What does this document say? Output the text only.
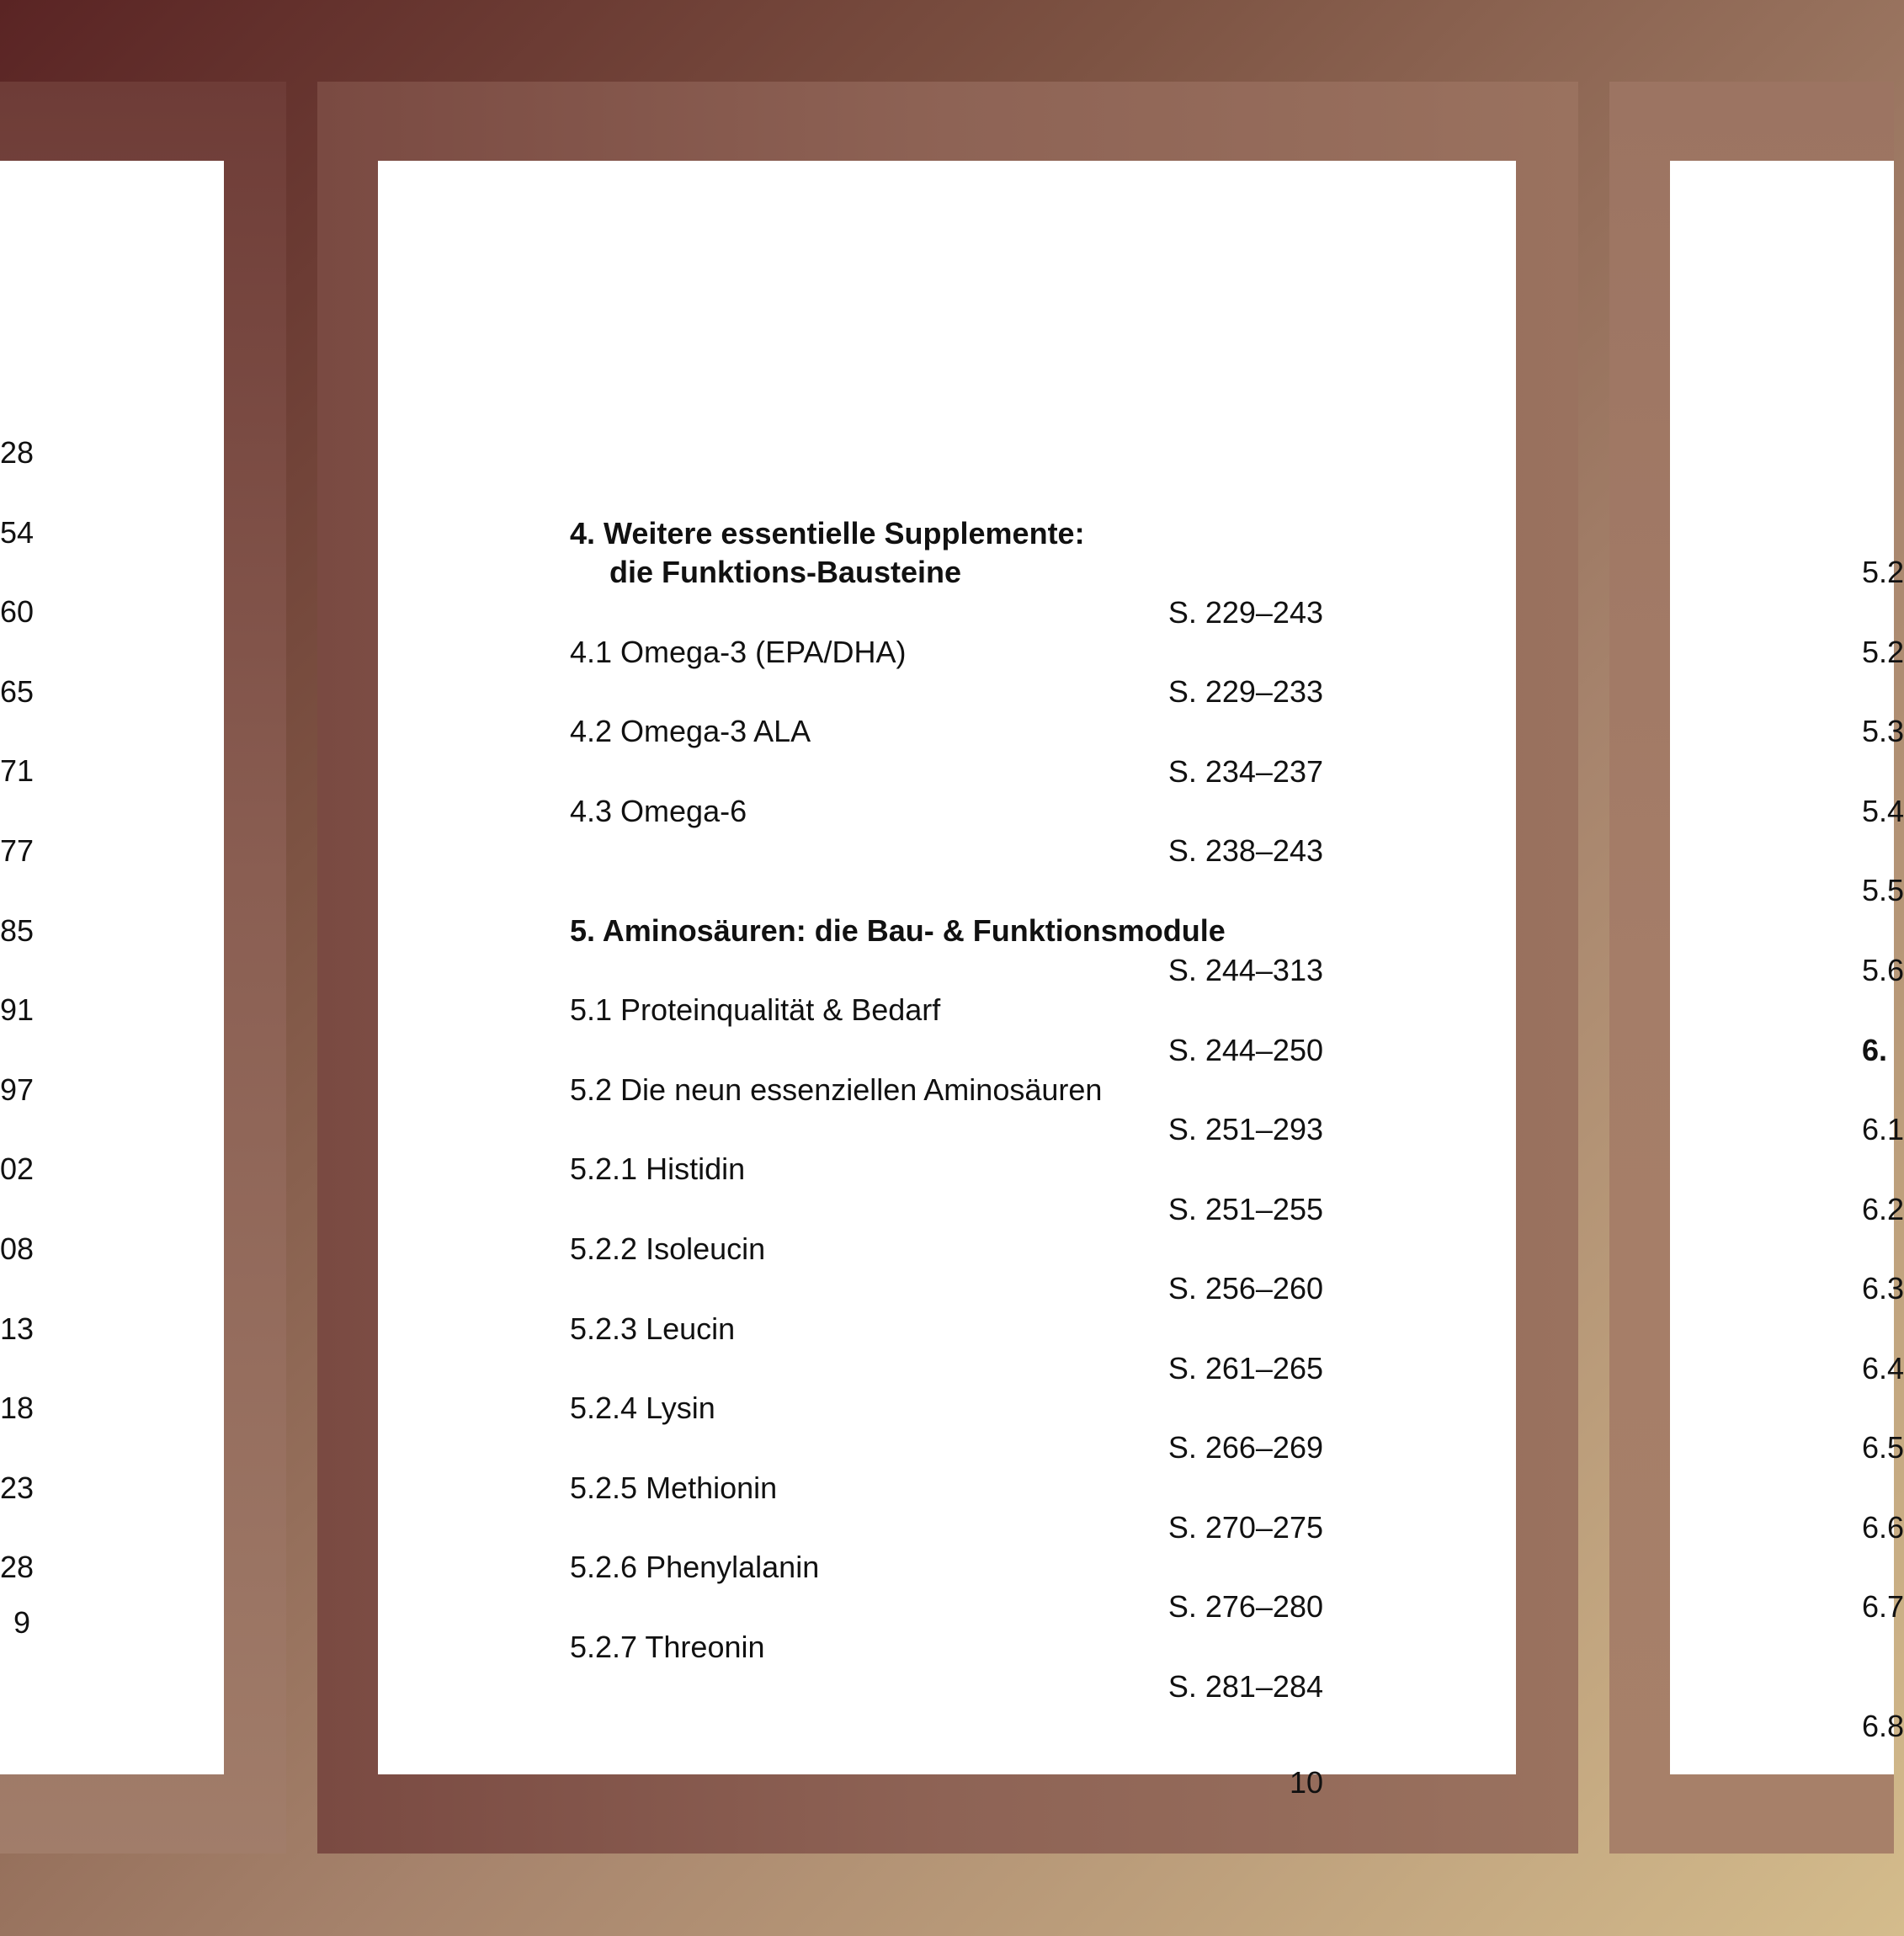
28
54
60
65
71
77
85
91
97
02
08
13
18
23
28
9
4. Weitere essentielle Supplemente:
die Funktions-Bausteine
S. 229–243
4.1 Omega-3 (EPA/DHA)
S. 229–233
4.2 Omega-3 ALA
S. 234–237
4.3 Omega-6
S. 238–243
5. Aminosäuren: die Bau- & Funktionsmodule
S. 244–313
5.1 Proteinqualität & Bedarf
S. 244–250
5.2 Die neun essenziellen Aminosäuren
S. 251–293
5.2.1 Histidin
S. 251–255
5.2.2 Isoleucin
S. 256–260
5.2.3 Leucin
S. 261–265
5.2.4 Lysin
S. 266–269
5.2.5 Methionin
S. 270–275
5.2.6 Phenylalanin
S. 276–280
5.2.7 Threonin
S. 281–284
10
5.2
5.2
5.3
5.4
5.5
5.6
6.
6.1
6.2
6.3
6.4
6.5
6.6
6.7
6.8
